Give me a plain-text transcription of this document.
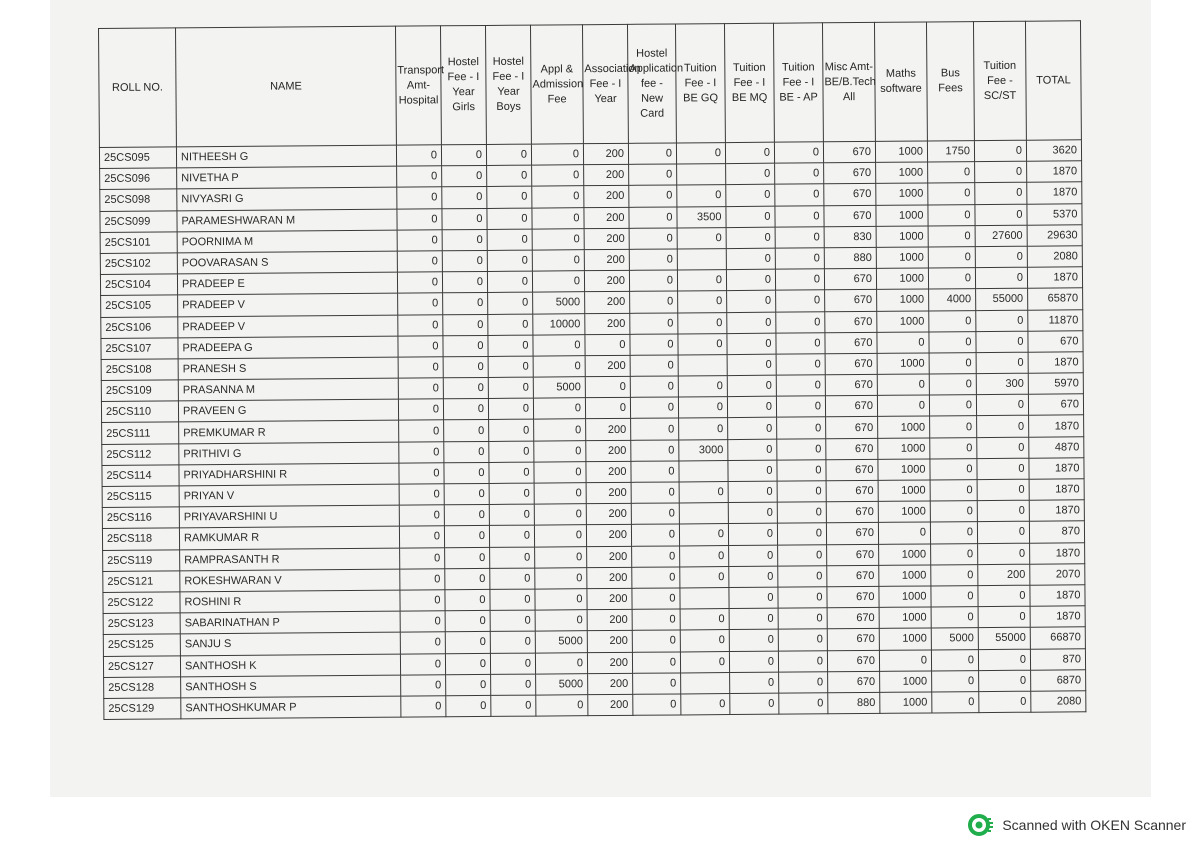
ROLL NO.	NAME	Transport Amt- Hospital	Hostel Fee - I Year Girls	Hostel Fee - I Year Boys	Appl & Admission Fee	Association Fee - I Year	Hostel Application fee - New Card	Tuition Fee - I BE GQ	Tuition Fee - I BE MQ	Tuition Fee - I BE - AP	Misc Amt- BE/B.Tech All	Maths software	Bus Fees	Tuition Fee - SC/ST	TOTAL
25CS095	NITHEESH G	0	0	0	0	200	0	0	0	0	670	1000	1750	0	3620
25CS096	NIVETHA P	0	0	0	0	200	0		0	0	670	1000	0	0	1870
25CS098	NIVYASRI G	0	0	0	0	200	0	0	0	0	670	1000	0	0	1870
25CS099	PARAMESHWARAN M	0	0	0	0	200	0	3500	0	0	670	1000	0	0	5370
25CS101	POORNIMA M	0	0	0	0	200	0	0	0	0	830	1000	0	27600	29630
25CS102	POOVARASAN S	0	0	0	0	200	0		0	0	880	1000	0	0	2080
25CS104	PRADEEP E	0	0	0	0	200	0	0	0	0	670	1000	0	0	1870
25CS105	PRADEEP V	0	0	0	5000	200	0	0	0	0	670	1000	4000	55000	65870
25CS106	PRADEEP V	0	0	0	10000	200	0	0	0	0	670	1000	0	0	11870
25CS107	PRADEEPA G	0	0	0	0	0	0	0	0	0	670	0	0	0	670
25CS108	PRANESH S	0	0	0	0	200	0		0	0	670	1000	0	0	1870
25CS109	PRASANNA M	0	0	0	5000	0	0	0	0	0	670	0	0	300	5970
25CS110	PRAVEEN G	0	0	0	0	0	0	0	0	0	670	0	0	0	670
25CS111	PREMKUMAR R	0	0	0	0	200	0	0	0	0	670	1000	0	0	1870
25CS112	PRITHIVI G	0	0	0	0	200	0	3000	0	0	670	1000	0	0	4870
25CS114	PRIYADHARSHINI R	0	0	0	0	200	0		0	0	670	1000	0	0	1870
25CS115	PRIYAN V	0	0	0	0	200	0	0	0	0	670	1000	0	0	1870
25CS116	PRIYAVARSHINI U	0	0	0	0	200	0		0	0	670	1000	0	0	1870
25CS118	RAMKUMAR R	0	0	0	0	200	0	0	0	0	670	0	0	0	870
25CS119	RAMPRASANTH R	0	0	0	0	200	0	0	0	0	670	1000	0	0	1870
25CS121	ROKESHWARAN V	0	0	0	0	200	0	0	0	0	670	1000	0	200	2070
25CS122	ROSHINI R	0	0	0	0	200	0		0	0	670	1000	0	0	1870
25CS123	SABARINATHAN P	0	0	0	0	200	0	0	0	0	670	1000	0	0	1870
25CS125	SANJU S	0	0	0	5000	200	0	0	0	0	670	1000	5000	55000	66870
25CS127	SANTHOSH K	0	0	0	0	200	0	0	0	0	670	0	0	0	870
25CS128	SANTHOSH S	0	0	0	5000	200	0		0	0	670	1000	0	0	6870
25CS129	SANTHOSHKUMAR P	0	0	0	0	200	0	0	0	0	880	1000	0	0	2080
Scanned with OKEN Scanner
